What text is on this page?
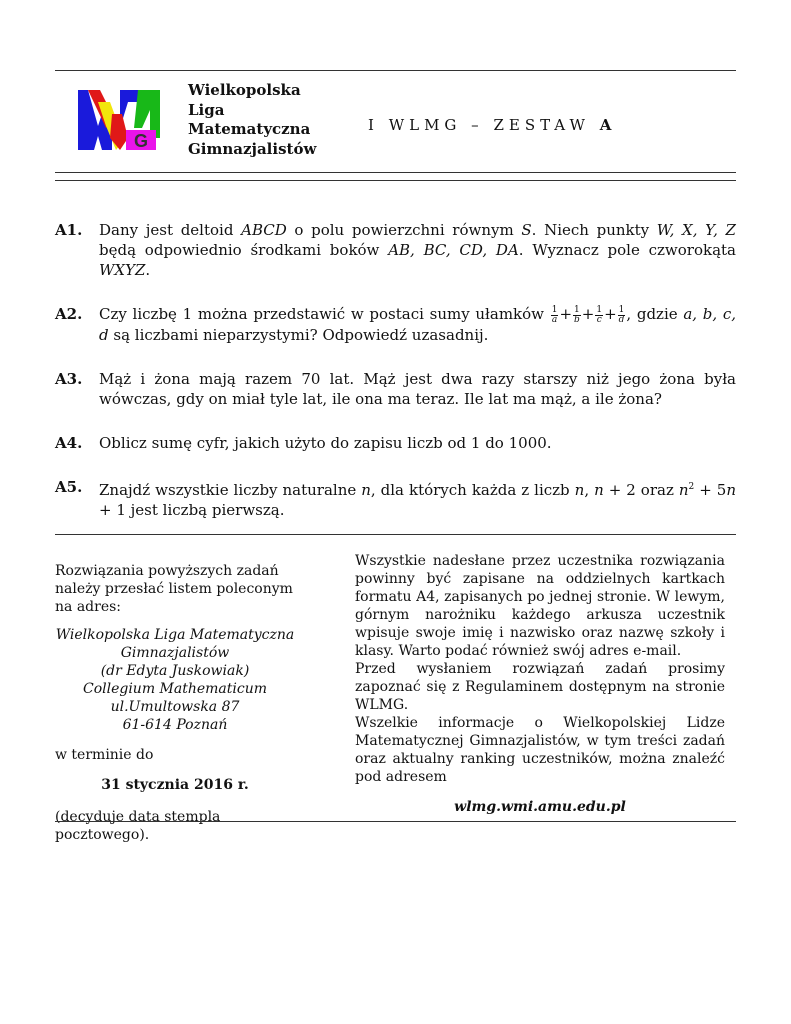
G
Wielkopolska
Liga
Matematyczna
Gimnazjalistów
I WLMG – ZESTAW A
A1. Dany jest deltoid ABCD o polu powierzchni równym S. Niech punkty W, X, Y, Z będą odpowiednio środkami boków AB, BC, CD, DA. Wyznacz pole czworokąta WXYZ.
A2. Czy liczbę 1 można przedstawić w postaci sumy ułamków $\frac{1}{a} + \frac{1}{b} + \frac{1}{c} + \frac{1}{d}$ , gdzie a, b, c, d są liczbami nieparzystymi? Odpowiedź uzasadnij.
A3. Mąż i żona mają razem 70 lat. Mąż jest dwa razy starszy niż jego żona była wówczas, gdy on miał tyle lat, ile ona ma teraz. Ile lat ma mąż, a ile żona?
A4. Oblicz sumę cyfr, jakich użyto do zapisu liczb od 1 do 1000.
A5. Znajdź wszystkie liczby naturalne n, dla których każda z liczb n, n + 2 oraz $n^2 + 5n + 1$ jest liczbą pierwszą.

Rozwiązania powyższych zadań należy przesłać listem poleconym na adres:

Wielkopolska Liga Matematyczna
Gimnazjalistów
(dr Edyta Juskowiak)
Collegium Mathematicum
ul.Umultowska 87
61-614 Poznań

w terminie do

31 stycznia 2016 r.

(decyduje data stempla pocztowego).

Wszystkie nadesłane przez uczestnika rozwiązania powinny być zapisane na oddzielnych kartkach formatu A4, zapisanych po jednej stronie. W lewym, górnym narożniku każdego arkusza uczestnik wpisuje swoje imię i nazwisko oraz nazwę szkoły i klasy. Warto podać również swój adres e-mail.

Przed wysłaniem rozwiązań zadań prosimy zapoznać się z Regulaminem dostępnym na stronie WLMG.

Wszelkie informacje o Wielkopolskiej Lidze Matematycznej Gimnazjalistów, w tym treści zadań oraz aktualny ranking uczestników, można znaleźć pod adresem

wlmg.wmi.amu.edu.pl
